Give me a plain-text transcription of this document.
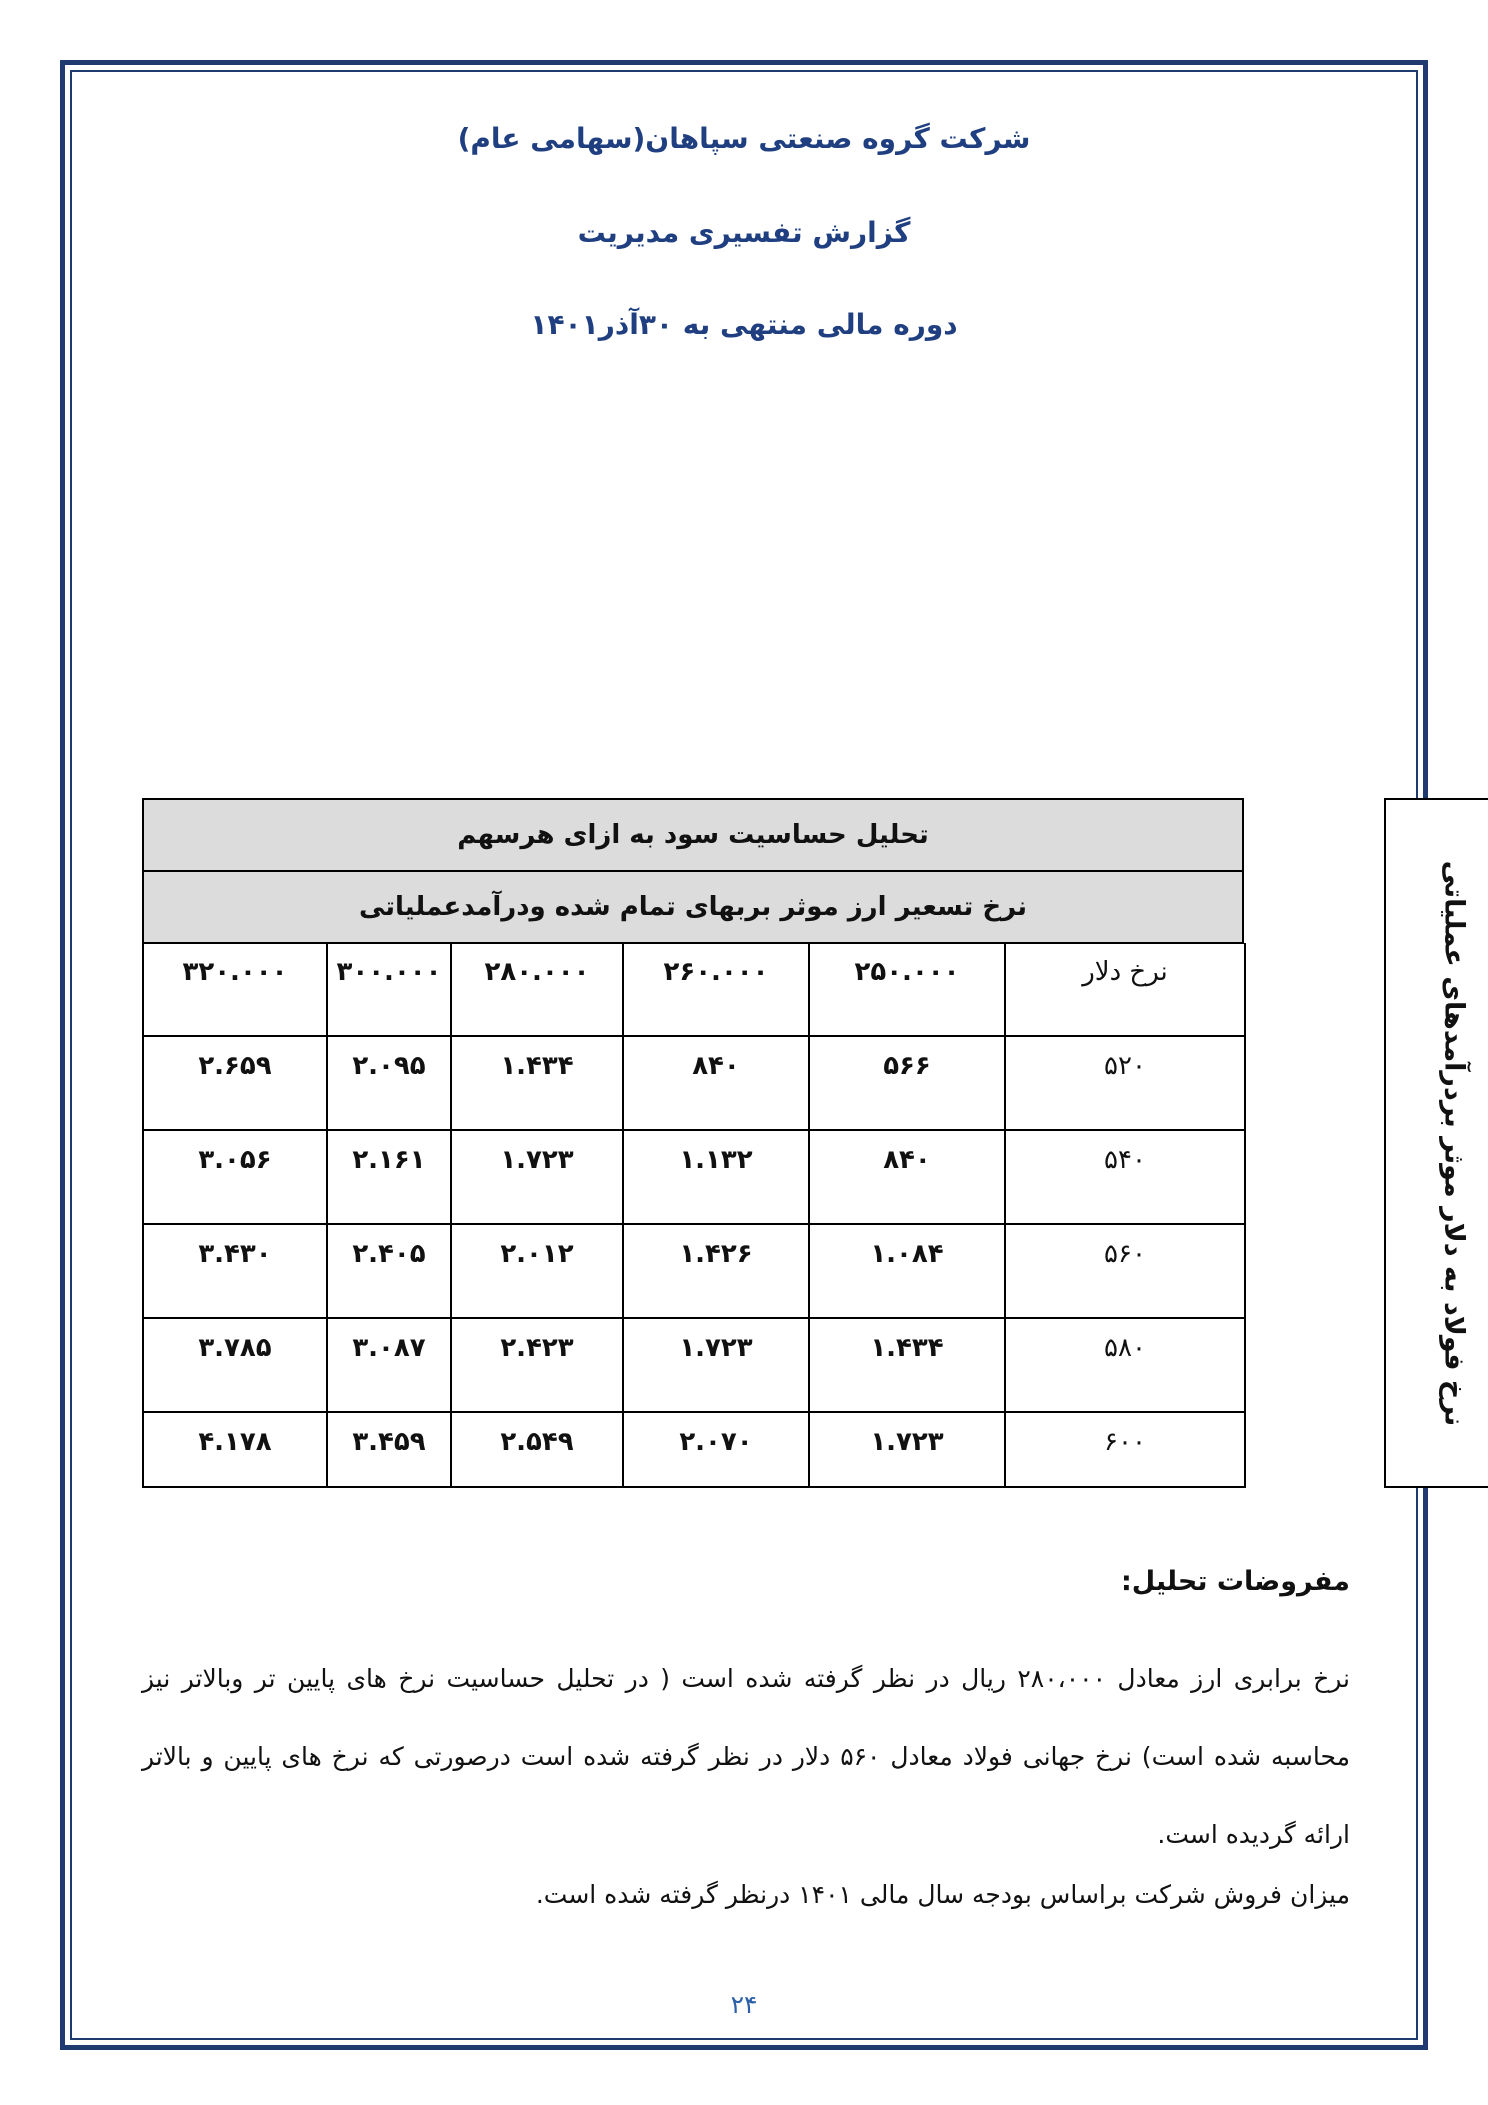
شرکت گروه صنعتی سپاهان(سهامی عام)
گزارش تفسیری مدیریت
دوره مالی منتهی به ۳۰آذر۱۴۰۱
نرخ فولاد به دلار موثر بردرآمدهای عملیاتی
تحلیل حساسیت سود به ازای هرسهم
نرخ تسعیر ارز موثر بربهای تمام شده ودرآمدعملیاتی
نرخ دلار
۲۵۰.۰۰۰
۲۶۰.۰۰۰
۲۸۰.۰۰۰
۳۰۰.۰۰۰
۳۲۰.۰۰۰
۵۲۰
۵۶۶
۸۴۰
۱.۴۳۴
۲.۰۹۵
۲.۶۵۹
۵۴۰
۸۴۰
۱.۱۳۲
۱.۷۲۳
۲.۱۶۱
۳.۰۵۶
۵۶۰
۱.۰۸۴
۱.۴۲۶
۲.۰۱۲
۲.۴۰۵
۳.۴۳۰
۵۸۰
۱.۴۳۴
۱.۷۲۳
۲.۴۲۳
۳.۰۸۷
۳.۷۸۵
۶۰۰
۱.۷۲۳
۲.۰۷۰
۲.۵۴۹
۳.۴۵۹
۴.۱۷۸
مفروضات تحلیل:
نرخ برابری ارز معادل ۲۸۰،۰۰۰ ریال در نظر گرفته شده است ( در تحلیل حساسیت نرخ های پایین تر وبالاتر نیز محاسبه شده است) نرخ جهانی فولاد معادل ۵۶۰ دلار در نظر گرفته شده است درصورتی که نرخ های پایین و بالاتر ارائه گردیده است.
میزان فروش شرکت براساس بودجه سال مالی ۱۴۰۱ درنظر گرفته شده است.
۲۴
